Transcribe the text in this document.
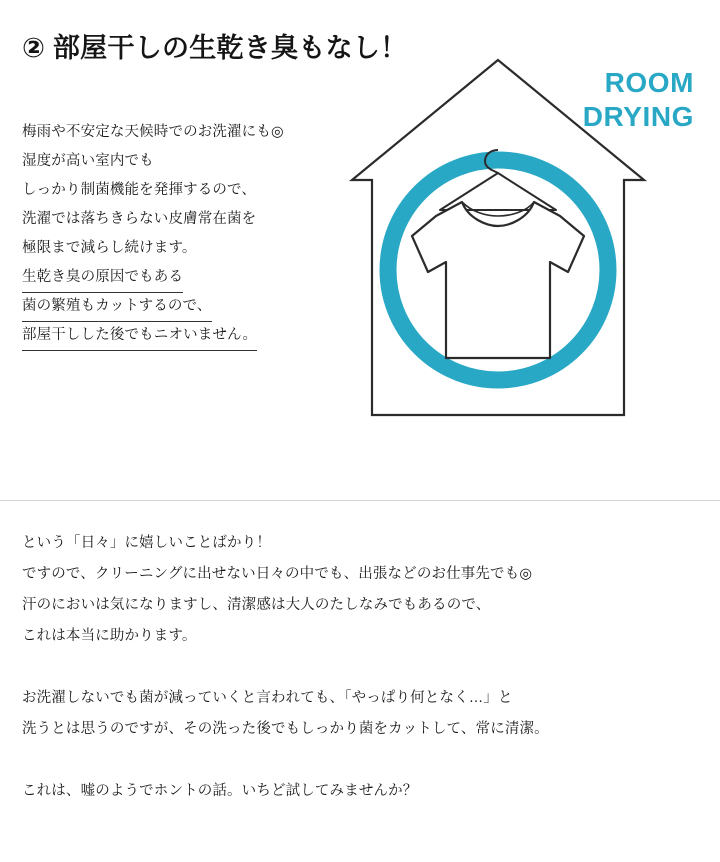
② 部屋干しの生乾き臭もなし！
梅雨や不安定な天候時でのお洗濯にも◎
湿度が高い室内でも
しっかり制菌機能を発揮するので、
洗濯では落ちきらない皮膚常在菌を
極限まで減らし続けます。
生乾き臭の原因でもある
菌の繁殖もカットするので、
部屋干しした後でもニオいません。
ROOM
DRYING

という「日々」に嬉しいことばかり！
ですので、クリーニングに出せない日々の中でも、出張などのお仕事先でも◎
汗のにおいは気になりますし、清潔感は大人のたしなみでもあるので、
これは本当に助かります。

お洗濯しないでも菌が減っていくと言われても、「やっぱり何となく…」と
洗うとは思うのですが、その洗った後でもしっかり菌をカットして、常に清潔。

これは、嘘のようでホントの話。いちど試してみませんか？
